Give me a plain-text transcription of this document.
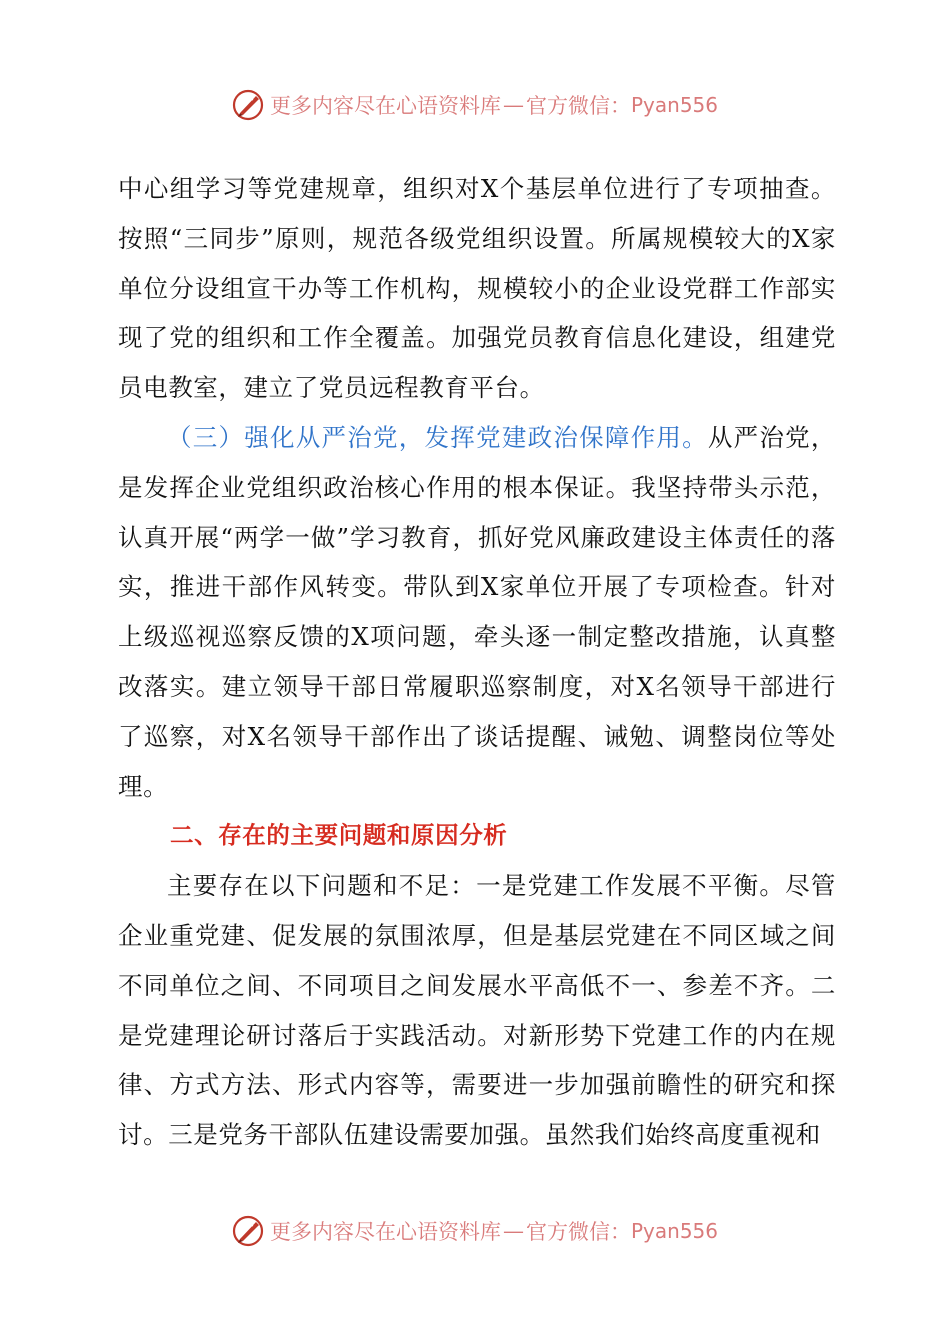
更多内容尽在心语资料库 — 官方微信： Pyan556

中心组学习等党建规章，组织对X个基层单位进行了专项抽查。按照“三同步”原则，规范各级党组织设置。所属规模较大的X家单位分设组宣干办等工作机构，规模较小的企业设党群工作部实现了党的组织和工作全覆盖。加强党员教育信息化建设，组建党员电教室，建立了党员远程教育平台。

（三）强化从严治党，发挥党建政治保障作用。从严治党，是发挥企业党组织政治核心作用的根本保证。我坚持带头示范，认真开展“两学一做”学习教育，抓好党风廉政建设主体责任的落实，推进干部作风转变。带队到X家单位开展了专项检查。针对上级巡视巡察反馈的X项问题，牵头逐一制定整改措施，认真整改落实。建立领导干部日常履职巡察制度，对X名领导干部进行了巡察，对X名领导干部作出了谈话提醒、诫勉、调整岗位等处理。

二、存在的主要问题和原因分析

主要存在以下问题和不足：一是党建工作发展不平衡。尽管企业重党建、促发展的氛围浓厚，但是基层党建在不同区域之间不同单位之间、不同项目之间发展水平高低不一、参差不齐。二是党建理论研讨落后于实践活动。对新形势下党建工作的内在规律、方式方法、形式内容等，需要进一步加强前瞻性的研究和探讨。三是党务干部队伍建设需要加强。虽然我们始终高度重视和

更多内容尽在心语资料库 — 官方微信： Pyan556
